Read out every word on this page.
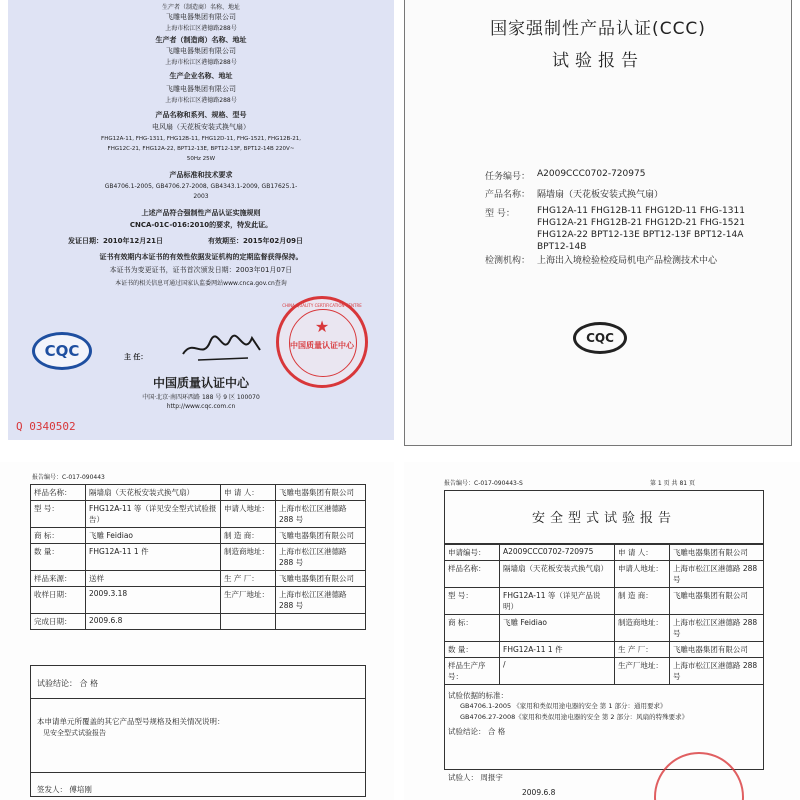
生产者（制造商）名称、地址
飞雕电器集团有限公司
上海市松江区港德路288号
生产者（制造商）名称、地址
飞雕电器集团有限公司
上海市松江区港德路288号
生产企业名称、地址
飞雕电器集团有限公司
上海市松江区港德路288号
产品名称和系列、规格、型号
电风扇（天花板安装式换气扇）
FHG12A-11, FHG-1311, FHG12B-11, FHG12D-11, FHG-1521, FHG12B-21,
FHG12C-21, FHG12A-22, BPT12-13E, BPT12-13F, BPT12-14B 220V~
50Hz 25W
产品标准和技术要求
GB4706.1-2005, GB4706.27-2008, GB4343.1-2009, GB17625.1-
2003
上述产品符合强制性产品认证实施规则
CNCA-01C-016:2010的要求，特发此证。
发证日期：2010年12月21日	有效期至：2015年02月09日
证书有效期内本证书的有效性依据发证机构的定期监督获得保持。
本证书为变更证书，证书首次颁发日期：2003年01月07日
本证书的相关信息可通过国家认监委网站www.cnca.gov.cn查询
CQC	主 任：
★
中国质量认证中心
CHINA QUALITY CERTIFICATION CENTRE
中国质量认证中心
中国·北京·南四环西路 188 号 9 区 100070
http://www.cqc.com.cn
Q 0340502
国家强制性产品认证(CCC)
试验报告
任务编号： A2009CCC0702-720975
产品名称： 隔墙扇（天花板安装式换气扇）
型 号： FHG12A-11 FHG12B-11 FHG12D-11 FHG-1311
FHG12A-21 FHG12B-21 FHG12D-21 FHG-1521
FHG12A-22 BPT12-13E BPT12-13F BPT12-14A
BPT12-14B
检测机构： 上海出入境检验检疫局机电产品检测技术中心
CQC
报告编号：C-017-090443
样品名称：	隔墙扇（天花板安装式换气扇）	申 请 人：	飞雕电器集团有限公司
型 号：	FHG12A-11 等（详见安全型式试验报告）	申请人地址：	上海市松江区港德路 288 号
商 标：	飞雕 Feidiao	制 造 商：	飞雕电器集团有限公司
数 量：	FHG12A-11 1 件	制造商地址：	上海市松江区港德路 288 号
样品来源：	送样	生 产 厂：	飞雕电器集团有限公司
收样日期：	2009.3.18	生产厂地址：	上海市松江区港德路 288 号
完成日期：	2009.6.8		
试验结论： 合 格
本申请单元所覆盖的其它产品型号规格及相关情况说明：
见安全型式试验报告
签发人： 傅培刚
报告编号：C-017-090443-S	第 1 页 共 81 页
安全型式试验报告
申请编号：	A2009CCC0702-720975	申 请 人：	飞雕电器集团有限公司
样品名称：	隔墙扇（天花板安装式换气扇）	申请人地址：	上海市松江区港德路 288 号
型 号：	FHG12A-11 等（详见产品说明）	制 造 商：	飞雕电器集团有限公司
商 标：	飞雕 Feidiao	制造商地址：	上海市松江区港德路 288 号
数 量：	FHG12A-11 1 件	生 产 厂：	飞雕电器集团有限公司
样品生产序号：	/	生产厂地址：	上海市松江区港德路 288 号
试验依据的标准：
GB4706.1-2005 《家用和类似用途电器的安全 第 1 部分：通用要求》
GB4706.27-2008《家用和类似用途电器的安全 第 2 部分：风扇的特殊要求》
试验结论： 合 格
试验人： 周报宇
2009.6.8
